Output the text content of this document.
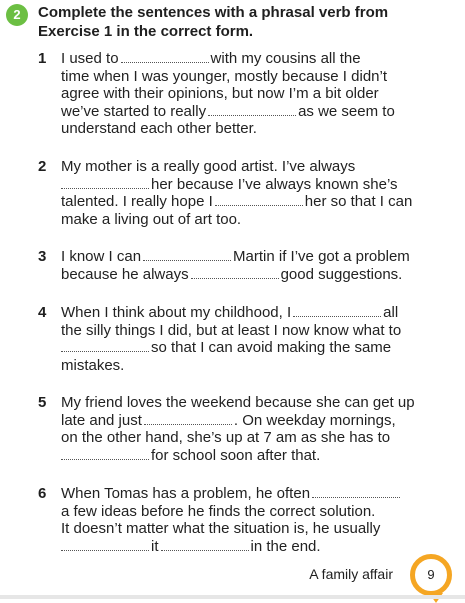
2	Complete the sentences with a phrasal verb from
Exercise 1 in the correct form.
1 I used to	with my cousins all the
time when I was younger, mostly because I didn’t
agree with their opinions, but now I’m a bit older
we’ve started to really	as we seem to
understand each other better.
2 My mother is a really good artist. I’ve always
her because I’ve always known she’s
talented. I really hope I	her so that I can
make a living out of art too.
3 I know I can	Martin if I’ve got a problem
because he always	good suggestions.
4 When I think about my childhood, I	all
the silly things I did, but at least I now know what to
so that I can avoid making the same
mistakes.
5 My friend loves the weekend because she can get up
late and just	. On weekday mornings,
on the other hand, she’s up at 7 am as she has to
for school soon after that.
6 When Tomas has a problem, he often
a few ideas before he finds the correct solution.
It doesn’t matter what the situation is, he usually
it	in the end.
A family affair	9
